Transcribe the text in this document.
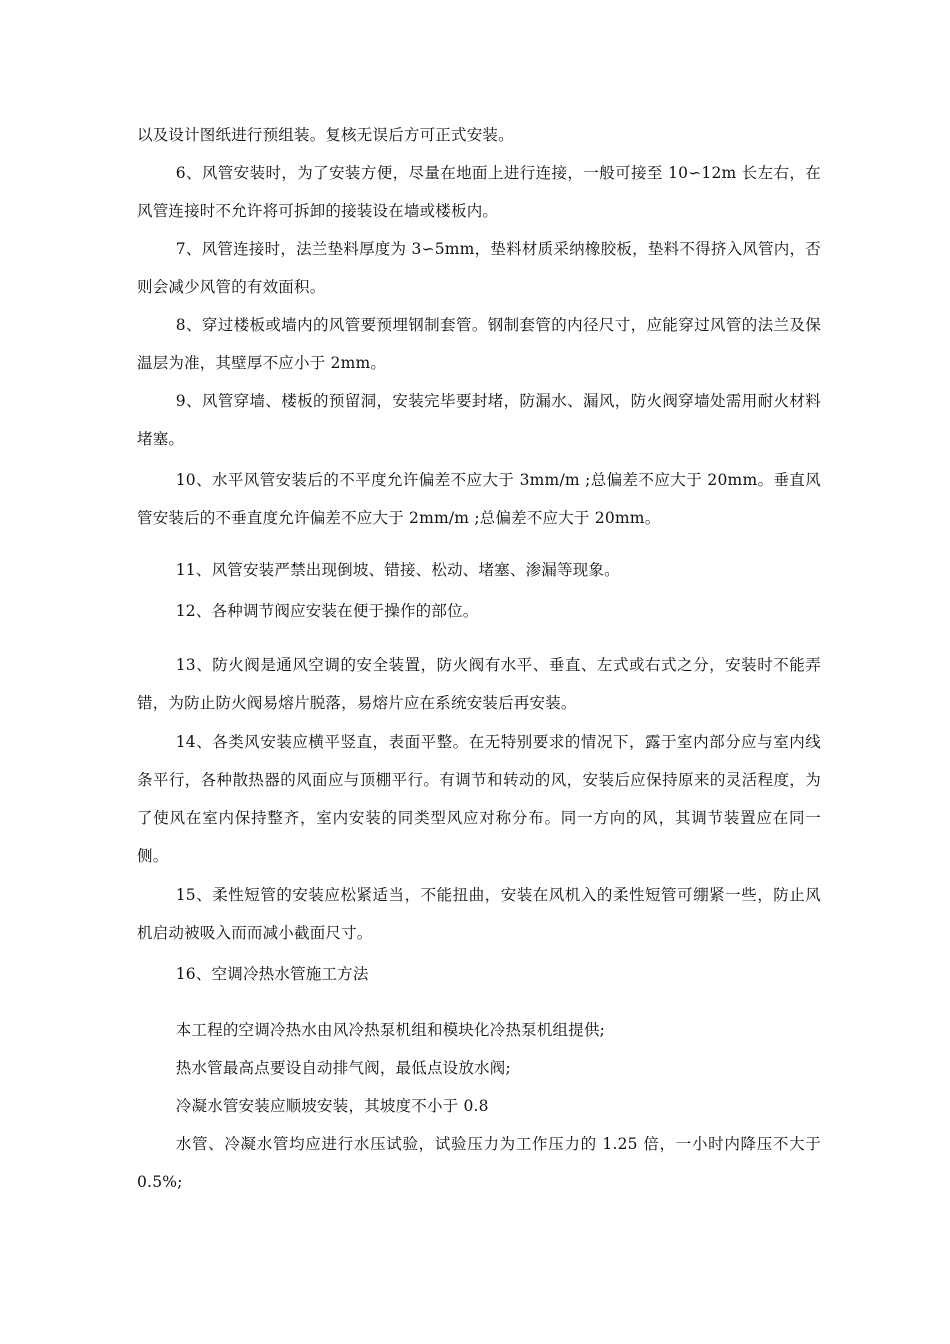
以及设计图纸进行预组装。复核无误后方可正式安装。

6、风管安装时，为了安装方便，尽量在地面上进行连接，一般可接至 10∽12m 长左右，在风管连接时不允许将可拆卸的接装设在墙或楼板内。

7、风管连接时，法兰垫料厚度为 3∽5mm，垫料材质采纳橡胶板，垫料不得挤入风管内，否则会减少风管的有效面积。

8、穿过楼板或墙内的风管要预埋钢制套管。钢制套管的内径尺寸，应能穿过风管的法兰及保温层为准，其壁厚不应小于 2mm。

9、风管穿墙、楼板的预留洞，安装完毕要封堵，防漏水、漏风，防火阀穿墙处需用耐火材料堵塞。

10、水平风管安装后的不平度允许偏差不应大于 3mm/m ;总偏差不应大于 20mm。垂直风管安装后的不垂直度允许偏差不应大于 2mm/m ;总偏差不应大于 20mm。

11、风管安装严禁出现倒坡、错接、松动、堵塞、渗漏等现象。

12、各种调节阀应安装在便于操作的部位。

13、防火阀是通风空调的安全装置，防火阀有水平、垂直、左式或右式之分，安装时不能弄错，为防止防火阀易熔片脱落，易熔片应在系统安装后再安装。

14、各类风安装应横平竖直，表面平整。在无特别要求的情况下，露于室内部分应与室内线条平行，各种散热器的风面应与顶棚平行。有调节和转动的风，安装后应保持原来的灵活程度，为了使风在室内保持整齐，室内安装的同类型风应对称分布。同一方向的风，其调节装置应在同一侧。

15、柔性短管的安装应松紧适当，不能扭曲，安装在风机入的柔性短管可绷紧一些，防止风机启动被吸入而而减小截面尺寸。

16、空调冷热水管施工方法

本工程的空调冷热水由风冷热泵机组和模块化冷热泵机组提供;

热水管最高点要设自动排气阀，最低点设放水阀;

冷凝水管安装应顺坡安装，其坡度不小于 0.8

水管、冷凝水管均应进行水压试验，试验压力为工作压力的 1.25 倍，一小时内降压不大于 0.5%;
